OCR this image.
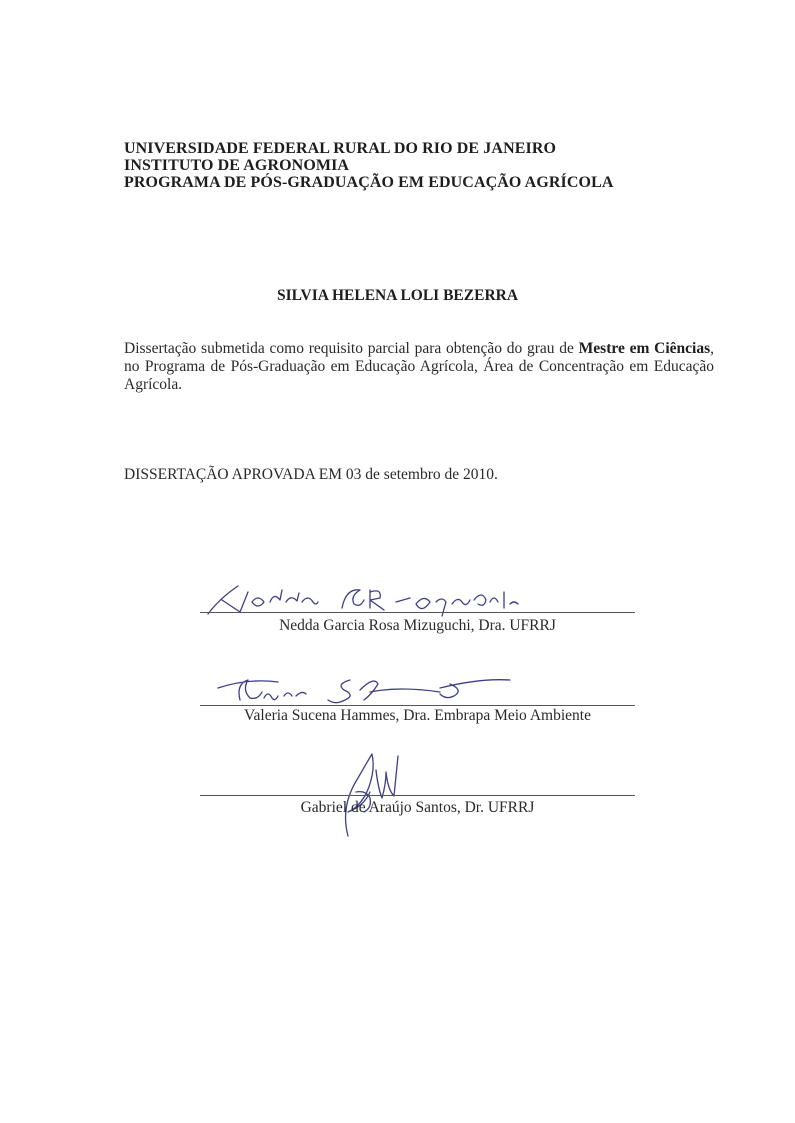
UNIVERSIDADE FEDERAL RURAL DO RIO DE JANEIRO
INSTITUTO DE AGRONOMIA
PROGRAMA DE PÓS-GRADUAÇÃO EM EDUCAÇÃO AGRÍCOLA
SILVIA HELENA LOLI BEZERRA
Dissertação submetida como requisito parcial para obtenção do grau de Mestre em Ciências, no Programa de Pós-Graduação em Educação Agrícola, Área de Concentração em Educação Agrícola.
DISSERTAÇÃO APROVADA EM 03 de setembro de 2010.
Nedda Garcia Rosa Mizuguchi, Dra. UFRRJ
Valeria Sucena Hammes, Dra. Embrapa Meio Ambiente
Gabriel de Araújo Santos, Dr. UFRRJ
